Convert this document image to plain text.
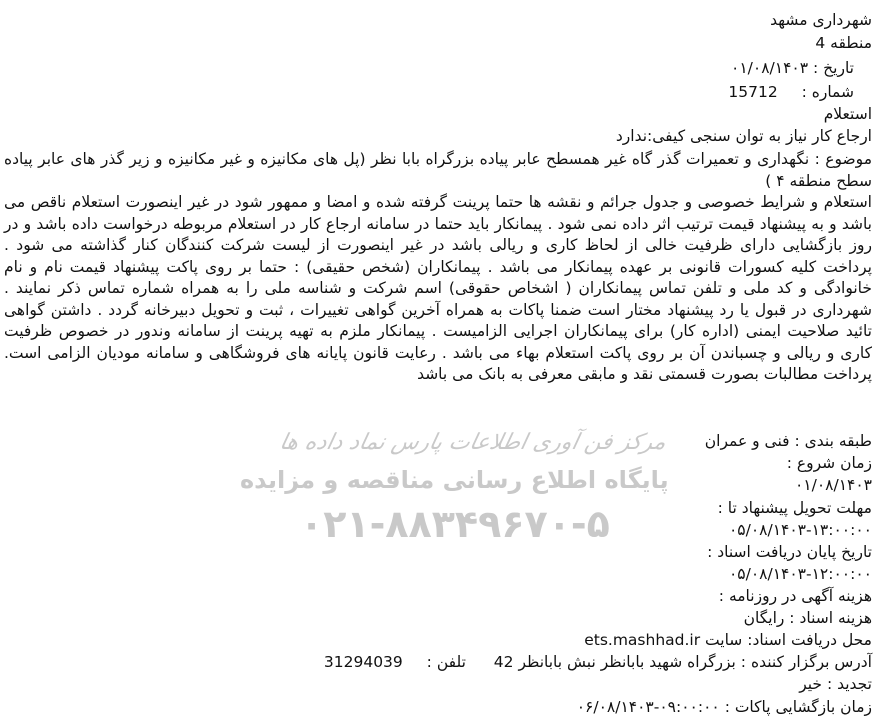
مرکز فن آوری اطلاعات پارس نماد داده ها
پایگاه اطلاع رسانی مناقصه و مزایده
۰۲۱-۸۸۳۴۹۶۷۰-۵
شهرداری مشهد
منطقه 4
تاریخ : ۰۱/۰۸/۱۴۰۳
شماره :  15712
استعلام
ارجاع کار نیاز به توان سنجی کیفی:ندارد
موضوع : نگهداری و تعمیرات گذر گاه غیر همسطح عابر پیاده بزرگراه بابا نظر (پل های مکانیزه و غیر مکانیزه و زیر گذر های عابر پیاده سطح منطقه ۴ )
استعلام و شرایط خصوصی و جدول جرائم و نقشه ها حتما پرینت گرفته شده و امضا و ممهور شود در غیر اینصورت استعلام ناقص می باشد و به پیشنهاد قیمت ترتیب اثر داده نمی شود . پیمانکار باید حتما در سامانه ارجاع کار در استعلام مربوطه درخواست داده باشد و در روز بازگشایی دارای ظرفیت خالی از لحاظ کاری و ریالی باشد در غیر اینصورت از لیست شرکت کنندگان کنار گذاشته می شود . پرداخت کلیه کسورات قانونی بر عهده پیمانکار می باشد . پیمانکاران (شخص حقیقی) : حتما بر روی پاکت پیشنهاد قیمت نام و نام خانوادگی و کد ملی و تلفن تماس پیمانکاران ( اشخاص حقوقی) اسم شرکت و شناسه ملی را به همراه شماره تماس ذکر نمایند . شهرداری در قبول یا رد پیشنهاد مختار است ضمنا پاکات به همراه آخرین گواهی تغییرات ، ثبت و تحویل دبیرخانه گردد . داشتن گواهی تائید صلاحیت ایمنی (اداره کار) برای پیمانکاران اجرایی الزامیست . پیمانکار ملزم به تهیه پرینت از سامانه وندور در خصوص ظرفیت کاری و ریالی و چسباندن آن بر روی پاکت استعلام بهاء می باشد . رعایت قانون پایانه های فروشگاهی و سامانه مودیان الزامی است. پرداخت مطالبات بصورت قسمتی نقد و مابقی معرفی به بانک می باشد
طبقه بندی : فنی و عمران
زمان شروع :
۰۱/۰۸/۱۴۰۳
مهلت تحویل پیشنهاد تا :
۰۵/۰۸/۱۴۰۳-۱۳:۰۰:۰۰
تاریخ پایان دریافت اسناد :
۰۵/۰۸/۱۴۰۳-۱۲:۰۰:۰۰
هزینه آگهی در روزنامه :
هزینه اسناد : رایگان
محل دریافت اسناد: سایت ets.mashhad.ir
آدرس برگزار کننده : بزرگراه شهید بابانظر نبش بابانظر 42  تلفن :  31294039
تجدید : خیر
زمان بازگشایی پاکات : ۰۶/۰۸/۱۴۰۳-۰۹:۰۰:۰۰
